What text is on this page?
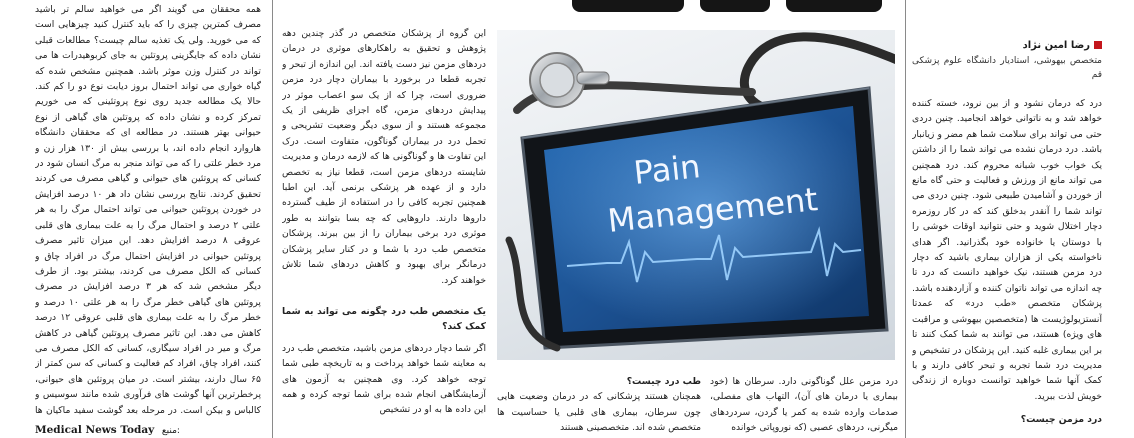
همه محققان می گویند اگر می خواهید سالم تر باشید مصرف کمترین چیزی را که باید کنترل کنید چیزهایی است که می خورید. ولی یک تغذیه سالم چیست؟ مطالعات قبلی نشان داده که جایگزینی پروتئین به جای کربوهیدرات ها می تواند در کنترل وزن موثر باشد. همچنین مشخص شده که گیاه خواری می تواند احتمال بروز دیابت نوع دو را کم کند. حالا یک مطالعه جدید روی نوع پروتئینی که می خوریم تمرکز کرده و نشان داده که پروتئین های گیاهی از نوع حیوانی بهتر هستند. در مطالعه ای که محققان دانشگاه هاروارد انجام داده اند، با بررسی بیش از ۱۳۰ هزار زن و مرد خطر علتی را که می تواند منجر به مرگ انسان شود در کسانی که پروتئین های حیوانی و گیاهی مصرف می کردند تحقیق کردند. نتایج بررسی نشان داد هر ۱۰ درصد افزایش در خوردن پروتئین حیوانی می تواند احتمال مرگ را به هر علتی ۲ درصد و احتمال مرگ را به علت بیماری های قلبی عروقی ۸ درصد افزایش دهد. این میزان تاثیر مصرف پروتئین حیوانی در افزایش احتمال مرگ در افراد چاق و کسانی که الکل مصرف می کردند، بیشتر بود. از طرف دیگر مشخص شد که هر ۳ درصد افزایش در مصرف پروتئین های گیاهی خطر مرگ را به هر علتی ۱۰ درصد و خطر مرگ را به علت بیماری های قلبی عروقی ۱۲ درصد کاهش می دهد. این تاثیر مصرف پروتئین گیاهی در کاهش مرگ و میر در افراد سیگاری، کسانی که الکل مصرف می کنند، افراد چاق، افراد کم فعالیت و کسانی که سن کمتر از ۶۵ سال دارند، بیشتر است. در میان پروتئین های حیوانی، پرخطرترین آنها گوشت های فرآوری شده مانند سوسیس و کالباس و بیکن است. در مرحله بعد گوشت سفید ماکیان ها

Medical News Today منبع:

این گروه از پزشکان متخصص در گذر چندین دهه پژوهش و تحقیق به راهکارهای موثری در درمان دردهای مزمن نیز دست یافته اند. این اندازه از تبحر و تجربه قطعا در برخورد با بیماران دچار درد مزمن ضروری است، چرا که از یک سو اعصاب موثر در پیدایش دردهای مزمن، گاه اجزای ظریفی از یک مجموعه هستند و از سوی دیگر وضعیت تشریحی و تحمل درد در بیماران گوناگون، متفاوت است. درک این تفاوت ها و گوناگونی ها که لازمه درمان و مدیریت شایسته دردهای مزمن است، قطعا نیاز به تخصص دارد و از عهده هر پزشکی برنمی آید. این اطبا همچنین تجربه کافی را در استفاده از طیف گسترده داروها دارند. داروهایی که چه بسا بتوانند به طور موثری درد برخی بیماران را از بین ببرند. پزشکان متخصص طب درد با شما و در کنار سایر پزشکان درمانگر برای بهبود و کاهش دردهای شما تلاش خواهند کرد.

یک متخصص طب درد چگونه می تواند به شما کمک کند؟

اگر شما دچار دردهای مزمن باشید، متخصص طب درد به معاینه شما خواهد پرداخت و به تاریخچه طبی شما توجه خواهد کرد. وی همچنین به آزمون های آزمایشگاهی انجام شده برای شما توجه کرده و همه این داده ها به او در تشخیص

Pain
Management

درد مزمن علل گوناگونی دارد. سرطان ها (خود بیماری یا درمان های آن)، التهاب های مفصلی، صدمات وارده شده به کمر یا گردن، سردردهای میگرنی، دردهای عصبی (که نوروپاتی خوانده

طب درد چیست؟

همچنان هستند پزشکانی که در درمان وضعیت هایی چون سرطان، بیماری های قلبی یا حساسیت ها متخصص شده اند. متخصصینی هستند

رضا امین نژاد
متخصص بیهوشی، استادیار دانشگاه علوم پزشکی قم

درد که درمان نشود و از بین نرود، خسته کننده خواهد شد و به ناتوانی خواهد انجامید. چنین دردی حتی می تواند برای سلامت شما هم مضر و زیانبار باشد. درد درمان نشده می تواند شما را از داشتن یک خواب خوب شبانه محروم کند. درد همچنین می تواند مانع از ورزش و فعالیت و حتی گاه مانع از خوردن و آشامیدن طبیعی شود. چنین دردی می تواند شما را آنقدر بدخلق کند که در کار روزمره دچار اختلال شوید و حتی نتوانید اوقات خوشی را با دوستان یا خانواده خود بگذرانید. اگر هدای ناخواسته یکی از هزاران بیماری باشید که دچار درد مزمن هستند، نیک خواهید دانست که درد تا چه اندازه می تواند ناتوان کننده و آزاردهنده باشد. پزشکان متخصص «طب درد» که عمدتا آنستزیولوژیست ها (متخصصین بیهوشی و مراقبت های ویژه) هستند، می توانند به شما کمک کنند تا بر این بیماری غلبه کنید. این پزشکان در تشخیص و مدیریت درد شما تجربه و تبحر کافی دارند و با کمک آنها شما خواهید توانست دوباره از زندگی خویش لذت ببرید.

درد مزمن چیست؟
